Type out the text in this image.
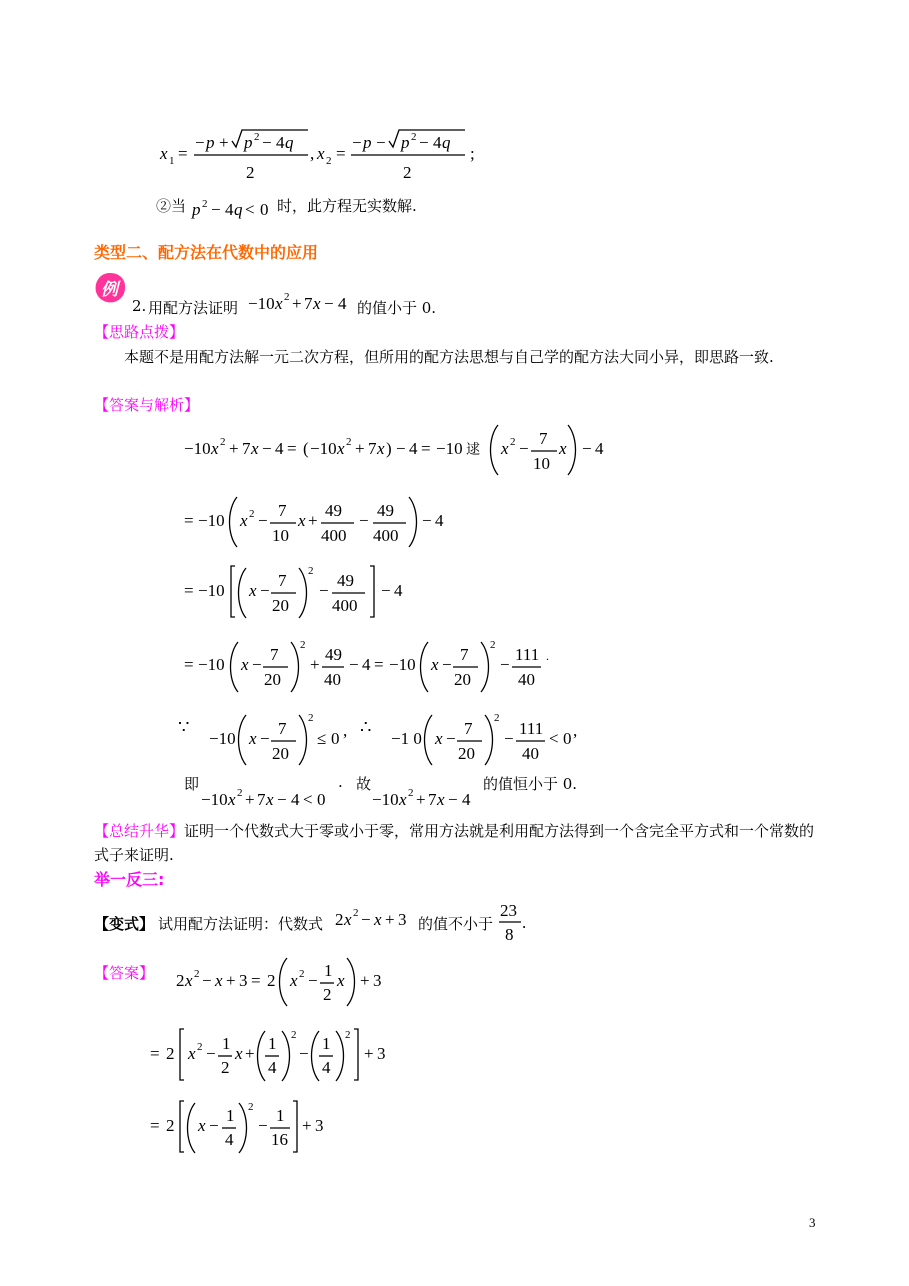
x 1 =
− p + p 2 − 4 q
2
, x 2 =
− p − p 2 − 4 q
2
;
②当 p 2 − 4 q < 0 时，此方程无实数解.
类型二、配方法在代数中的应用
例
2. 用配方法证明 −10 x 2 + 7 x − 4 的值小于 0.
【思路点拨】
本题不是用配方法解一元二次方程，但所用的配方法思想与自己学的配方法大同小异，即思路一致.
【答案与解析】
−10 x 2 + 7 x − 4 = ( −10 x 2 + 7 x ) − 4 = −10 逑 x 2 −
7
10
x − 4
= −10 x 2 −
7
10
x +
49
400
−
49
400
− 4
= −10 x −
7
20
2
−
49
400
− 4
= −10 x −
7
20
2
+
49
40
− 4 = −10 x −
7
20
2
−
111
40
.
∵
−10 x −
7
20
2
≤ 0 , ∴
−1 0 x −
7
20
2
−
111
40
< 0 ,
即
−10 x 2 + 7 x − 4 < 0
. 故
−10 x 2 + 7 x − 4
的值恒小于 0.
【总结升华】证明一个代数式大于零或小于零，常用方法就是利用配方法得到一个含完全平方式和一个常数的式子来证明.
举一反三:
【变式】 试用配方法证明：代数式 2 x 2 − x + 3 的值不小于
23
8
.
【答案】 2 x 2 − x + 3 = 2 x 2 −
1
2
x + 3
= 2 x 2 −
1
2
x +
1
4
2
−
1
4
2
+ 3
= 2 x −
1
4
2
−
1
16
+ 3
3
